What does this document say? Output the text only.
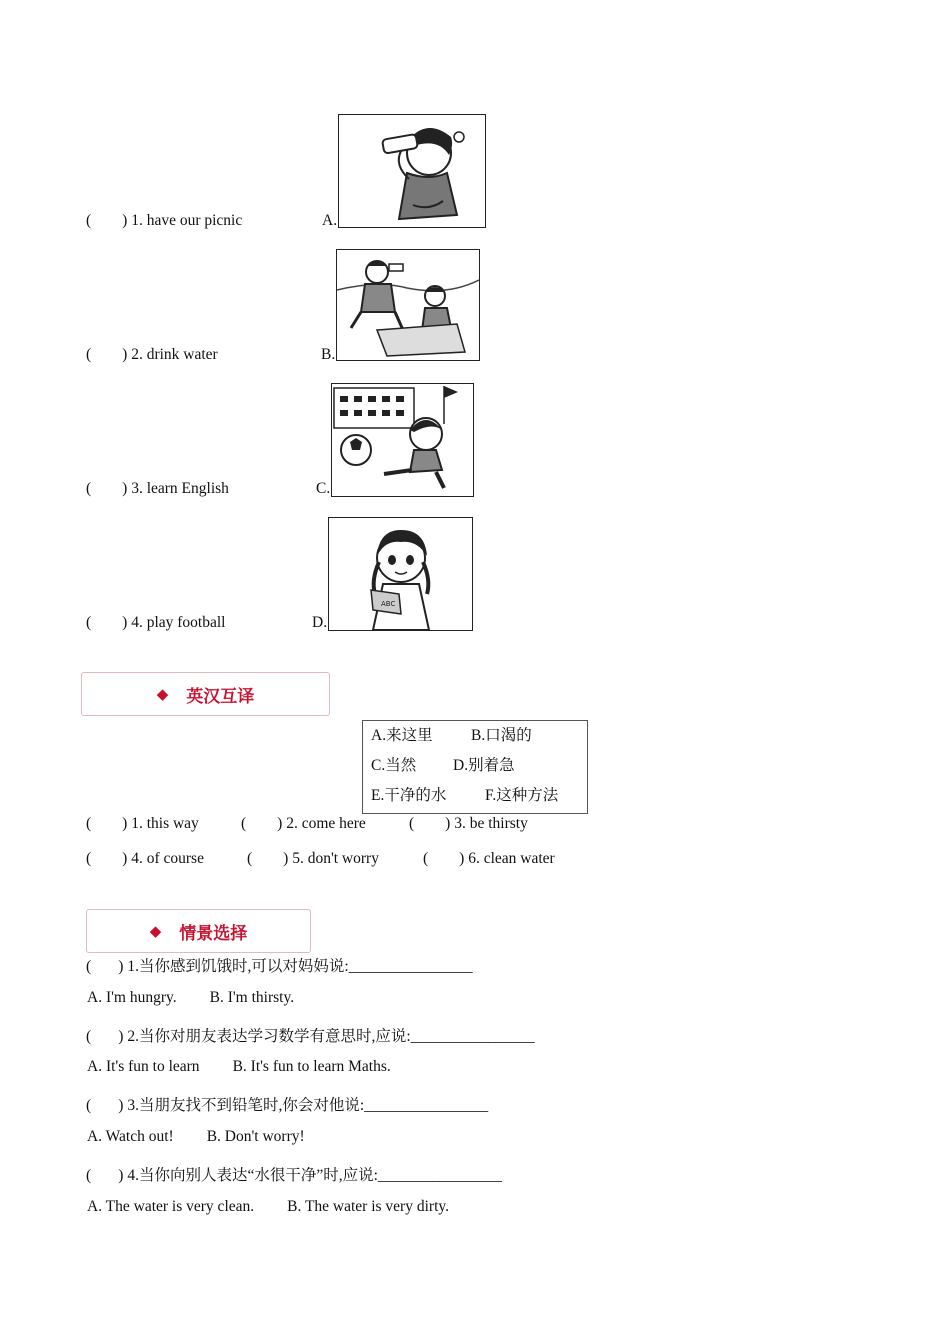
(        ) 1. have our picnic	A.
(        ) 2. drink water	B.
(        ) 3. learn English	C.
(        ) 4. play football	D.
ABC
◆ 英汉互译
A.来这里 B.口渴的
C.当然 D.别着急
E.干净的水 F.这种方法
(        ) 1. this way	(        ) 2. come here	(        ) 3. be thirsty
(        ) 4. of course	(        ) 5. don't worry	(        ) 6. clean water
◆ 情景选择
(       ) 1.当你感到饥饿时,可以对妈妈说:________________
A. I'm hungry. B. I'm thirsty.
(       ) 2.当你对朋友表达学习数学有意思时,应说:________________
A. It's fun to learn B. It's fun to learn Maths.
(       ) 3.当朋友找不到铅笔时,你会对他说:________________
A. Watch out! B. Don't worry!
(       ) 4.当你向别人表达“水很干净”时,应说:________________
A. The water is very clean. B. The water is very dirty.
